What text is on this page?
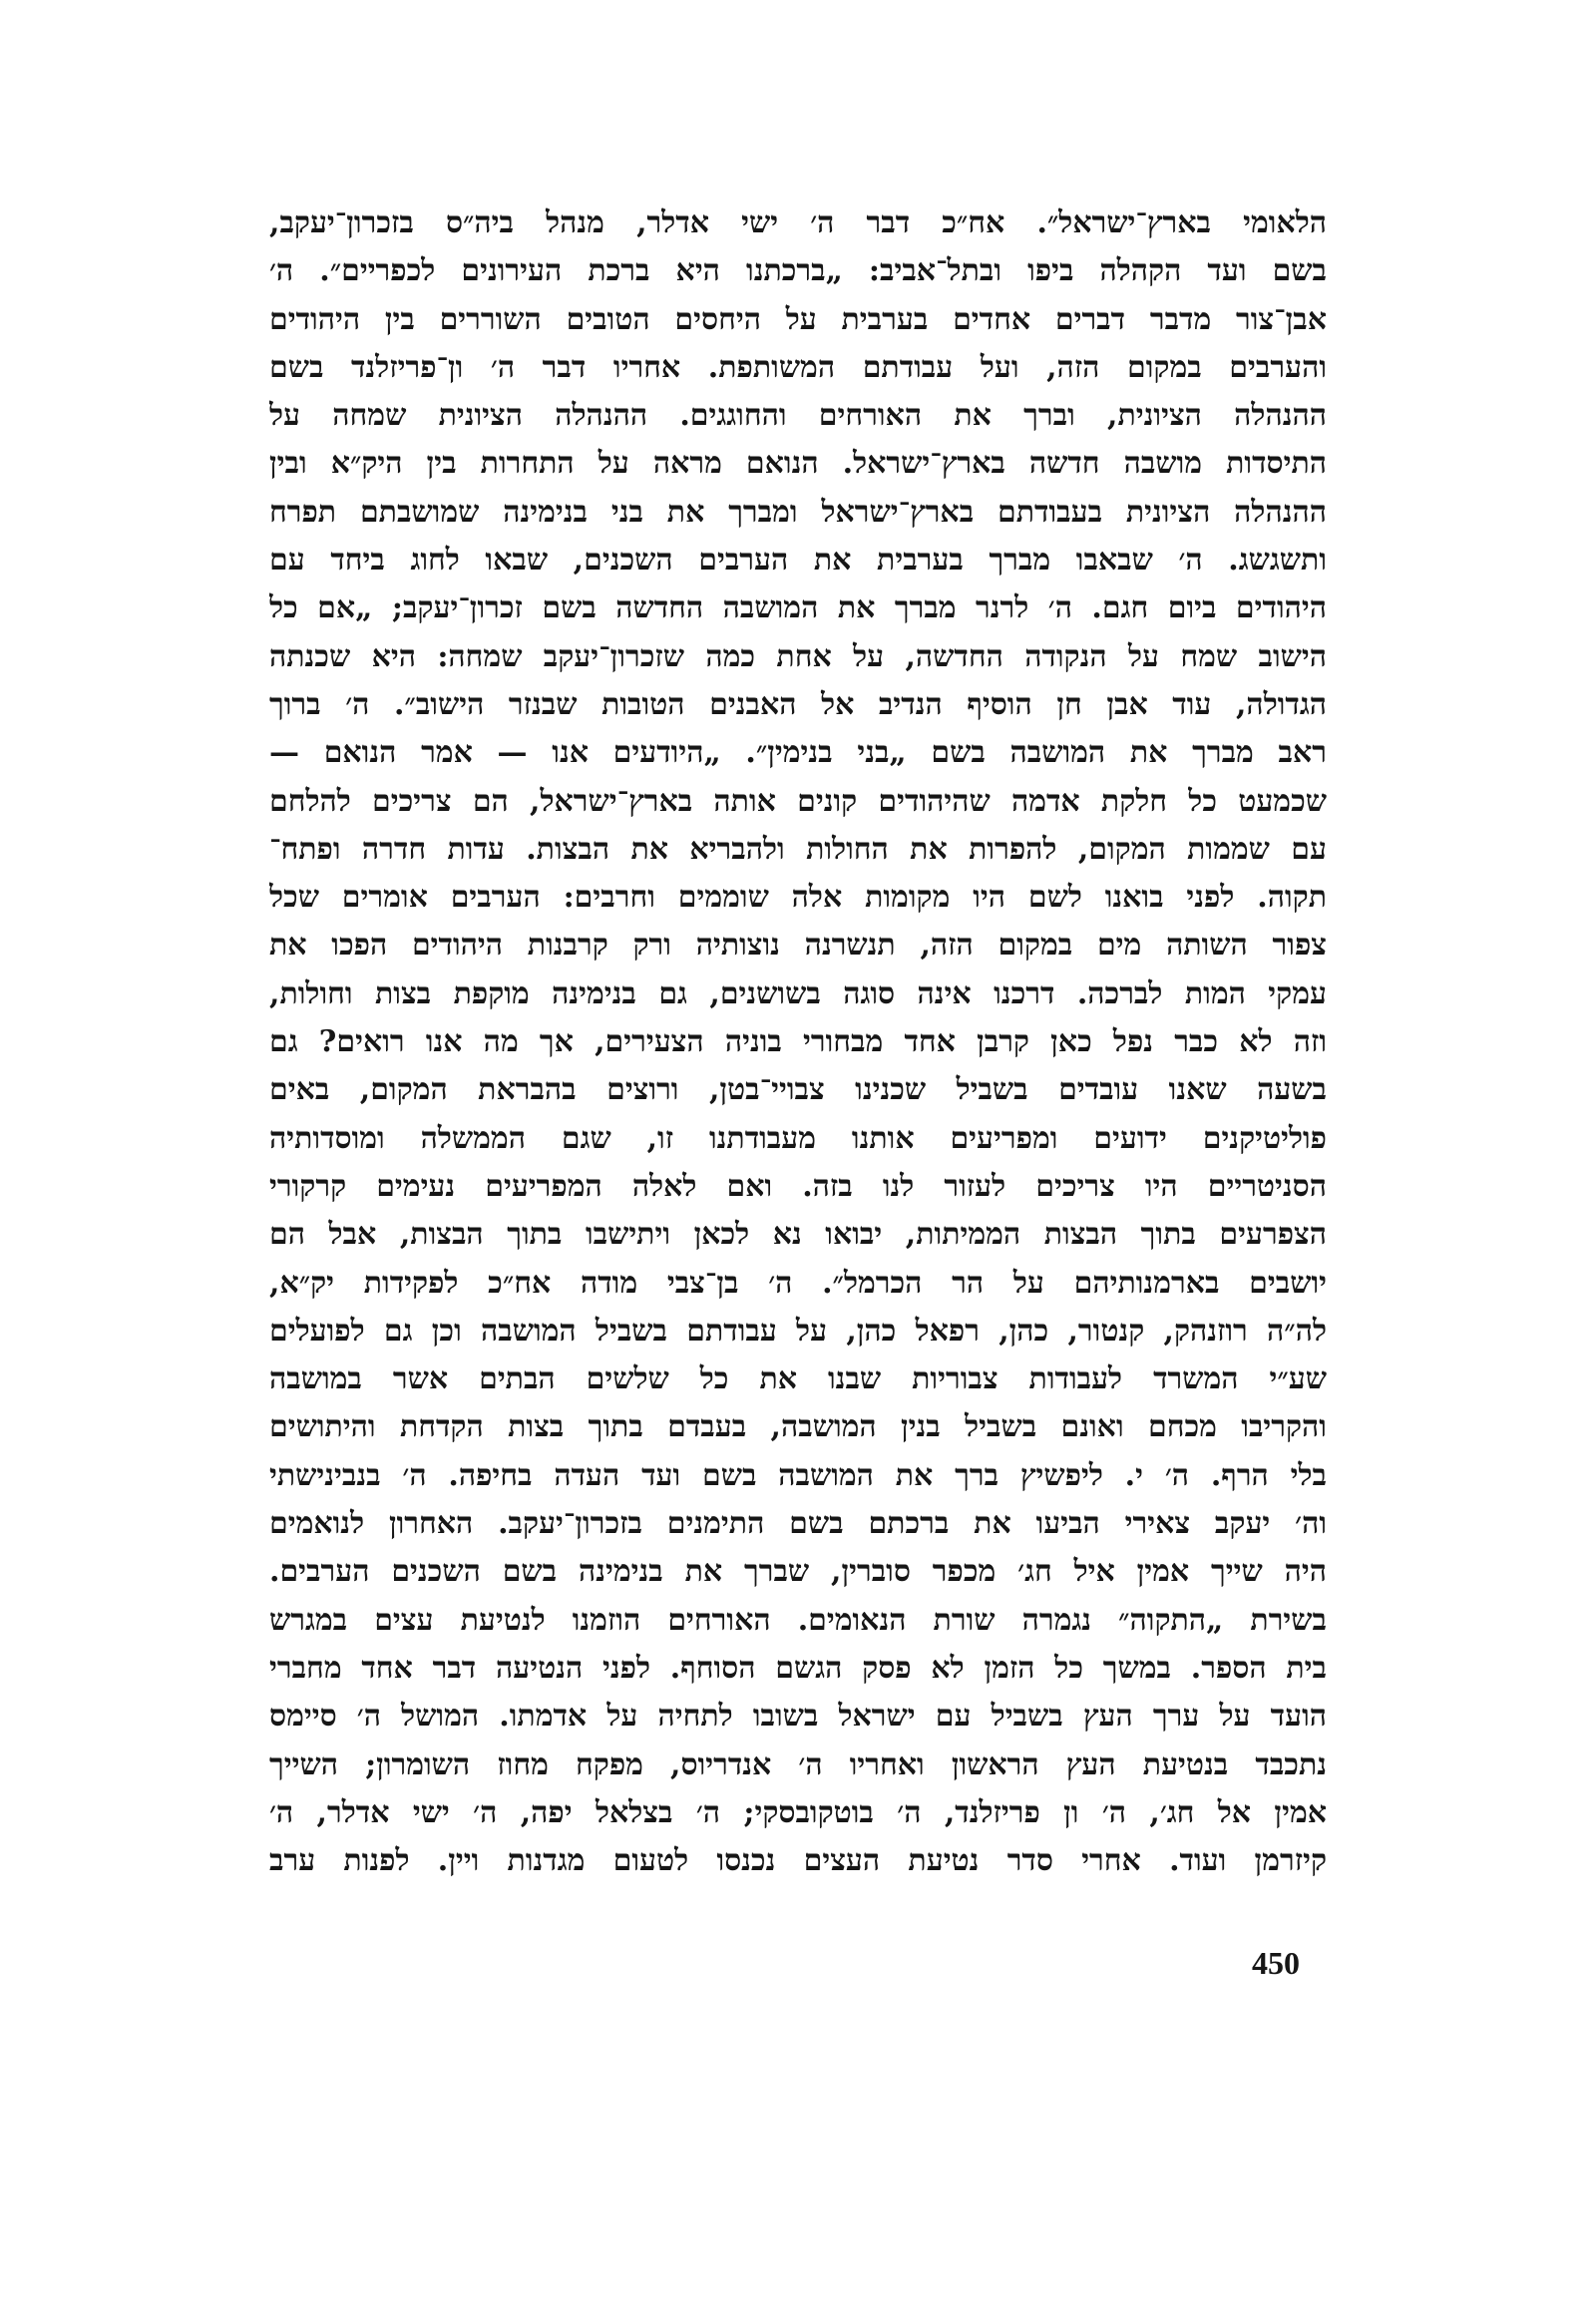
הלאומי בארץ־ישראל״. אח״כ דבר ה׳ ישי אדלר, מנהל ביה״ס בזכרון־יעקב,
בשם ועד הקהלה ביפו ובתל־אביב: „ברכתנו היא ברכת העירונים לכפריים״. ה׳
אבן־צור מדבר דברים אחדים בערבית על היחסים הטובים השוררים בין היהודים
והערבים במקום הזה, ועל עבודתם המשותפת. אחריו דבר ה׳ ון־פריזלנד בשם
ההנהלה הציונית, וברך את האורחים והחוגגים. ההנהלה הציונית שמחה על
התיסדות מושבה חדשה בארץ־ישראל. הנואם מראה על התחרות בין היק״א ובין
ההנהלה הציונית בעבודתם בארץ־ישראל ומברך את בני בנימינה שמושבתם תפרח
ותשגשג. ה׳ שבאבו מברך בערבית את הערבים השכנים, שבאו לחוג ביחד עם
היהודים ביום חגם. ה׳ לרנר מברך את המושבה החדשה בשם זכרון־יעקב; „אם כל
הישוב שמח על הנקודה החדשה, על אחת כמה שזכרון־יעקב שמחה: היא שכנתה
הגדולה, עוד אבן חן הוסיף הנדיב אל האבנים הטובות שבנזר הישוב״. ה׳ ברוך
ראב מברך את המושבה בשם „בני בנימין״. „היודעים אנו — אמר הנואם —
שכמעט כל חלקת אדמה שהיהודים קונים אותה בארץ־ישראל, הם צריכים להלחם
עם שממות המקום, להפרות את החולות ולהבריא את הבצות. עדות חדרה ופתח־
תקוה. לפני בואנו לשם היו מקומות אלה שוממים וחרבים: הערבים אומרים שכל
צפור השותה מים במקום הזה, תנשרנה נוצותיה ורק קרבנות היהודים הפכו את
עמקי המות לברכה. דרכנו אינה סוגה בשושנים, גם בנימינה מוקפת בצות וחולות,
וזה לא כבר נפל כאן קרבן אחד מבחורי בוניה הצעירים, אך מה אנו רואים? גם
בשעה שאנו עובדים בשביל שכנינו צבויי־בטן, ורוצים בהבראת המקום, באים
פוליטיקנים ידועים ומפריעים אותנו מעבודתנו זו, שגם הממשלה ומוסדותיה
הסניטריים היו צריכים לעזור לנו בזה. ואם לאלה המפריעים נעימים קרקורי
הצפרעים בתוך הבצות הממיתות, יבואו נא לכאן ויתישבו בתוך הבצות, אבל הם
יושבים בארמנותיהם על הר הכרמל״. ה׳ בן־צבי מודה אח״כ לפקידות יק״א,
לה״ה רוזנהק, קנטור, כהן, רפאל כהן, על עבודתם בשביל המושבה וכן גם לפועלים
שע״י המשרד לעבודות צבוריות שבנו את כל שלשים הבתים אשר במושבה
והקריבו מכחם ואונם בשביל בנין המושבה, בעבדם בתוך בצות הקדחת והיתושים
בלי הרף. ה׳ י. ליפשיץ ברך את המושבה בשם ועד העדה בחיפה. ה׳ בנבינישתי
וה׳ יעקב צאירי הביעו את ברכתם בשם התימנים בזכרון־יעקב. האחרון לנואמים
היה שייך אמין איל חג׳ מכפר סוברין, שברך את בנימינה בשם השכנים הערבים.
בשירת „התקוה״ נגמרה שורת הנאומים. האורחים הוזמנו לנטיעת עצים במגרש
בית הספר. במשך כל הזמן לא פסק הגשם הסוחף. לפני הנטיעה דבר אחד מחברי
הועד על ערך העץ בשביל עם ישראל בשובו לתחיה על אדמתו. המושל ה׳ סיימס
נתכבד בנטיעת העץ הראשון ואחריו ה׳ אנדריוס, מפקח מחוז השומרון; השייך
אמין אל חג׳, ה׳ ון פריזלנד, ה׳ בוטקובסקי; ה׳ בצלאל יפה, ה׳ ישי אדלר, ה׳
קיזרמן ועוד. אחרי סדר נטיעת העצים נכנסו לטעום מגדנות ויין. לפנות ערב
450
